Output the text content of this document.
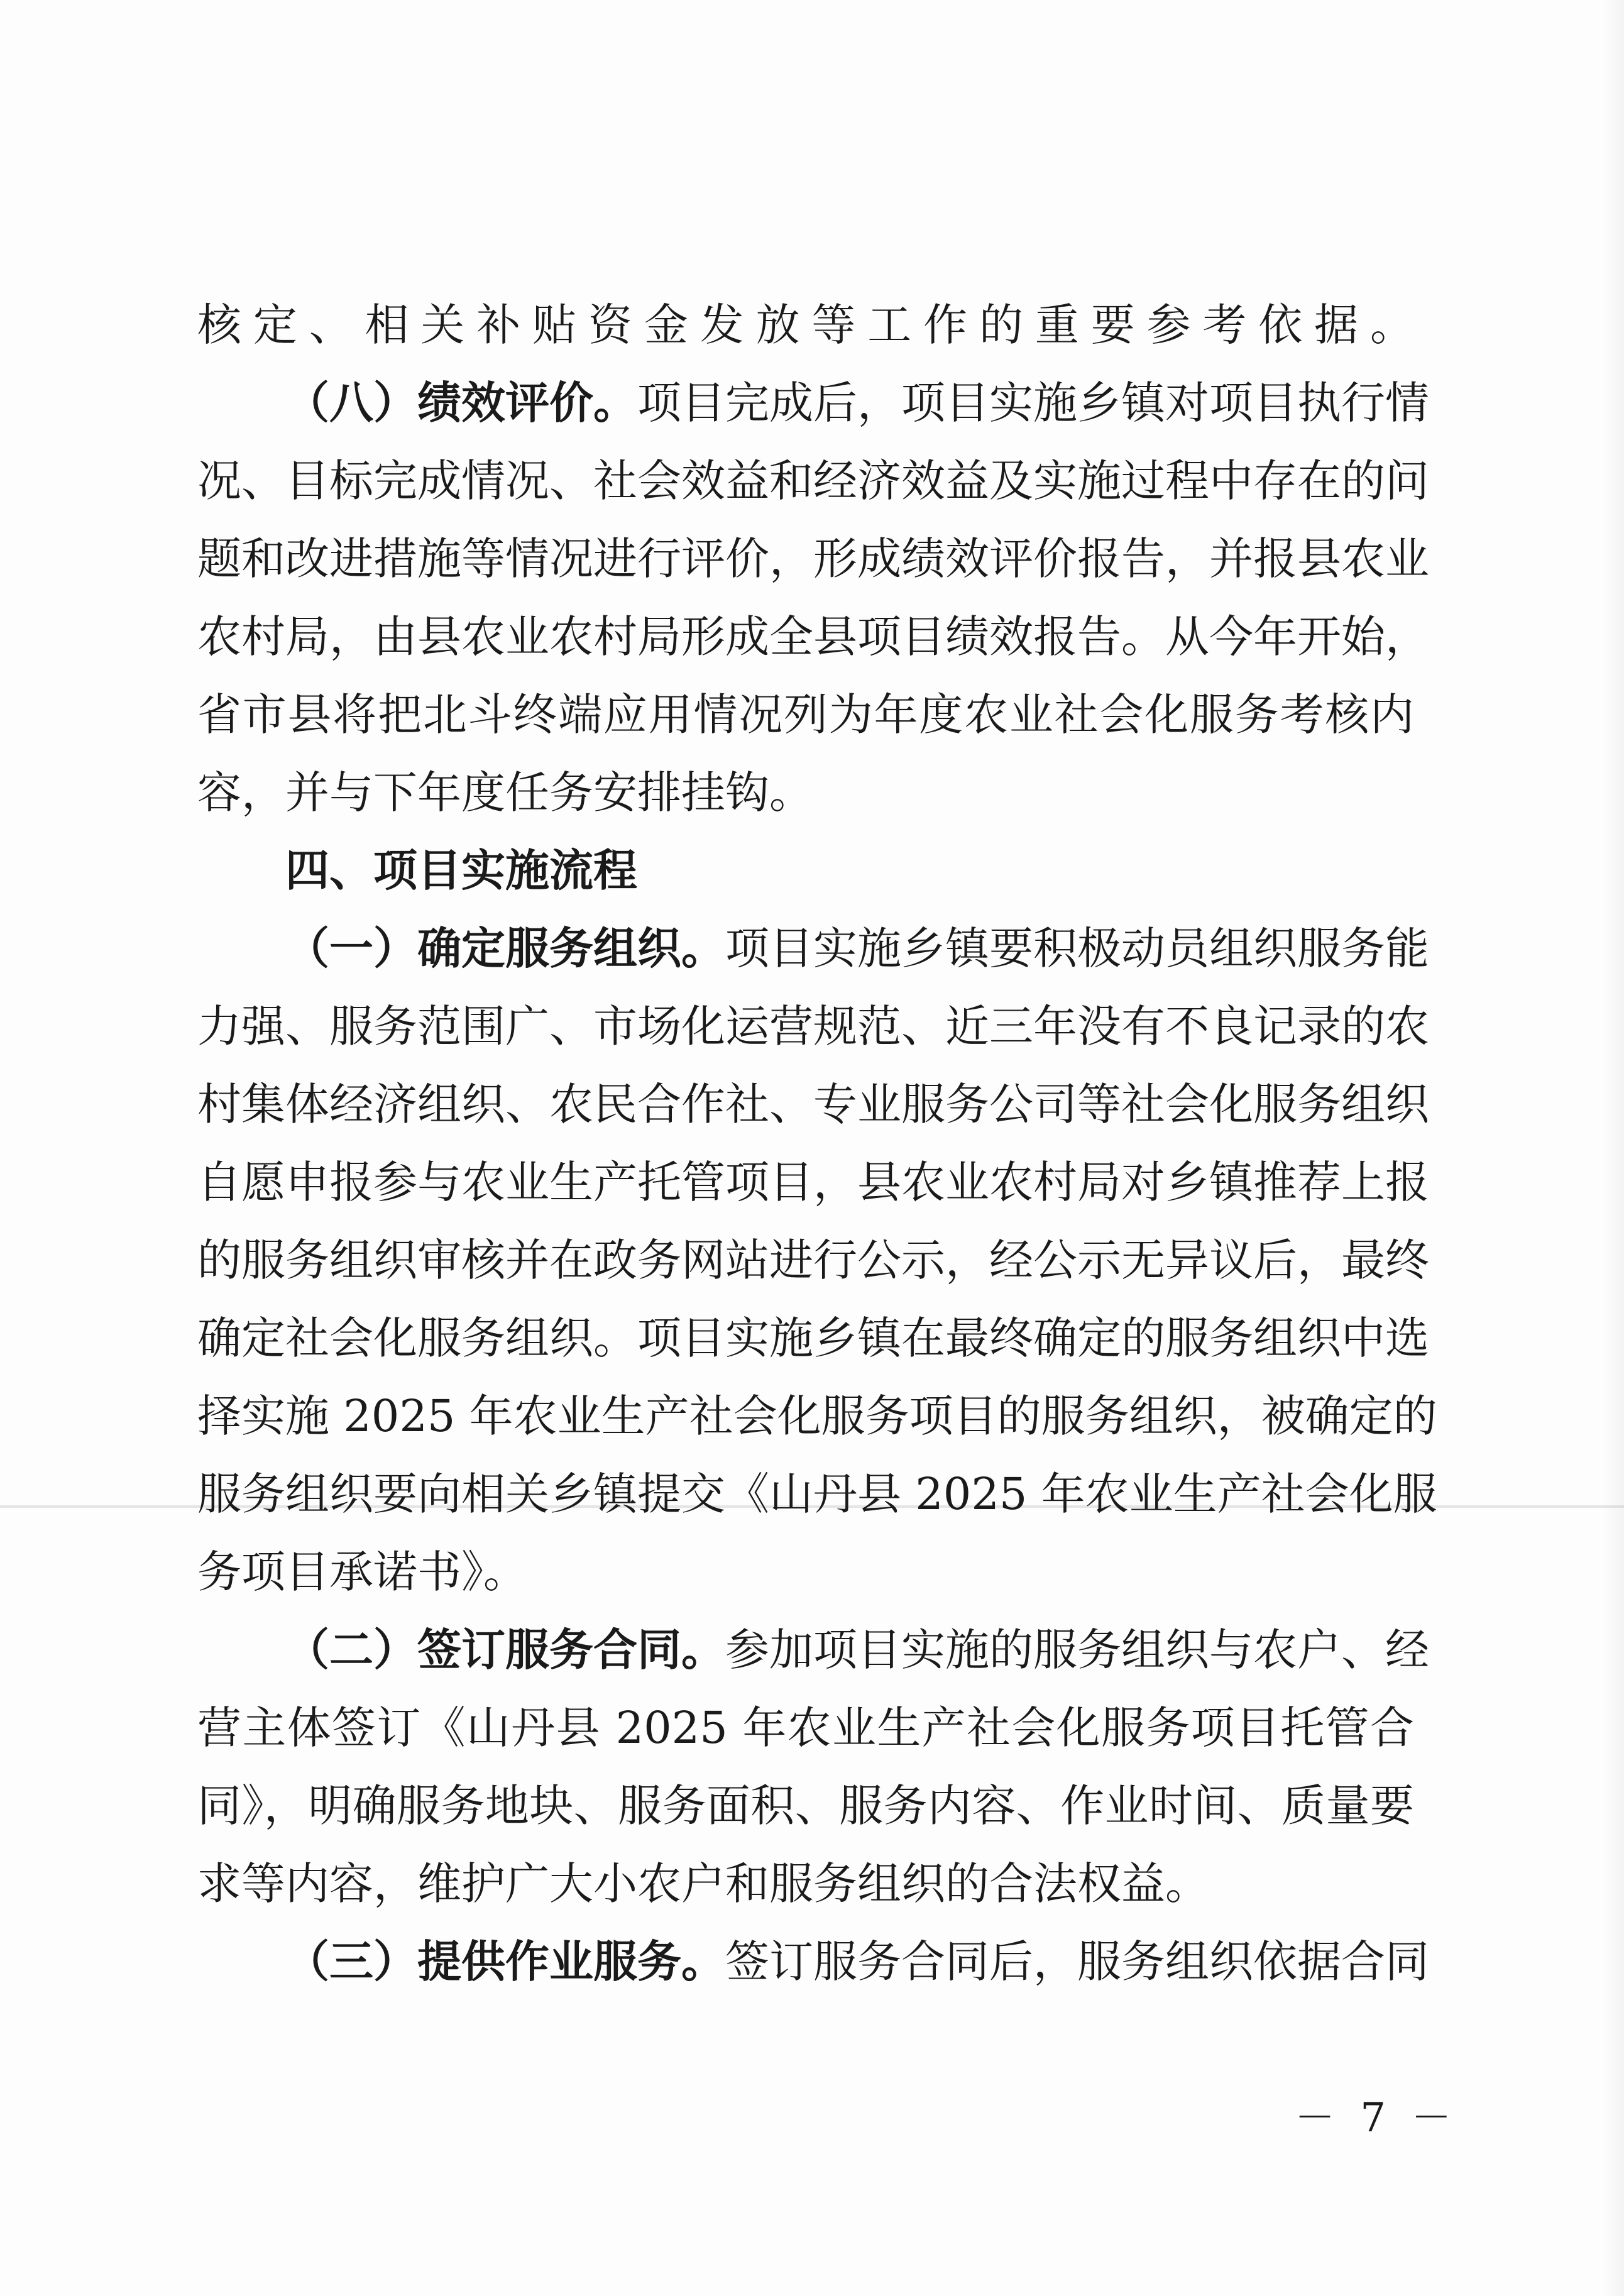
核定、相关补贴资金发放等工作的重要参考依据。
（八）绩效评价。项目完成后，项目实施乡镇对项目执行情
况、目标完成情况、社会效益和经济效益及实施过程中存在的问
题和改进措施等情况进行评价，形成绩效评价报告，并报县农业
农村局，由县农业农村局形成全县项目绩效报告。从今年开始，
省市县将把北斗终端应用情况列为年度农业社会化服务考核内
容，并与下年度任务安排挂钩。
四、项目实施流程
（一）确定服务组织。项目实施乡镇要积极动员组织服务能
力强、服务范围广、市场化运营规范、近三年没有不良记录的农
村集体经济组织、农民合作社、专业服务公司等社会化服务组织
自愿申报参与农业生产托管项目，县农业农村局对乡镇推荐上报
的服务组织审核并在政务网站进行公示，经公示无异议后，最终
确定社会化服务组织。项目实施乡镇在最终确定的服务组织中选
择实施 2025 年农业生产社会化服务项目的服务组织，被确定的
服务组织要向相关乡镇提交《山丹县 2025 年农业生产社会化服
务项目承诺书》。
（二）签订服务合同。参加项目实施的服务组织与农户、经
营主体签订《山丹县 2025 年农业生产社会化服务项目托管合
同》，明确服务地块、服务面积、服务内容、作业时间、质量要
求等内容，维护广大小农户和服务组织的合法权益。
（三）提供作业服务。签订服务合同后，服务组织依据合同
－ 7 －
